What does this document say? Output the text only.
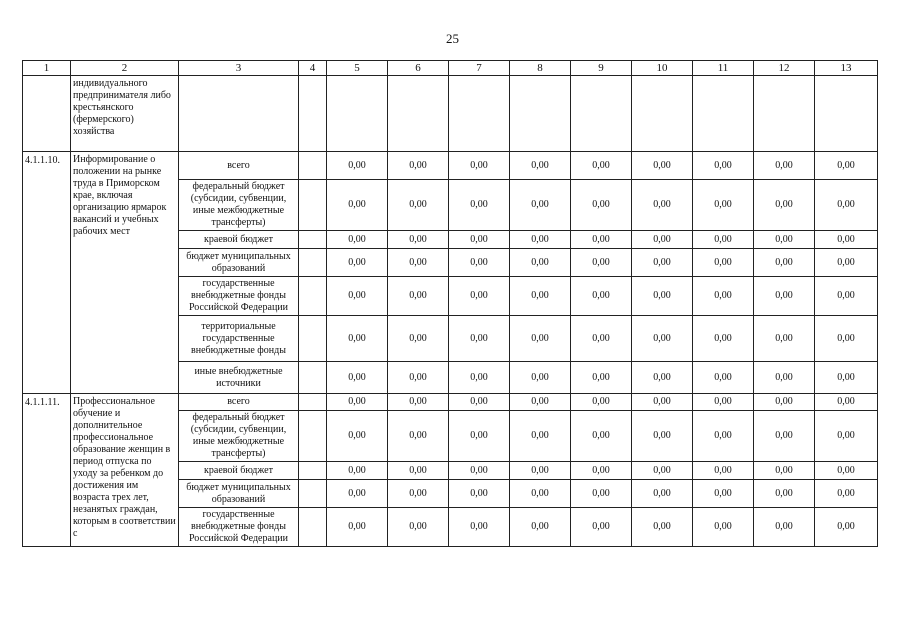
25
1	2	3	4	5	6	7	8	9	10	11	12	13
	индивидуального предпринимателя либо крестьянского (фермерского) хозяйства											
4.1.1.10.	Информирование о положении на рынке труда в Приморском крае, включая организацию ярмарок вакансий и учебных рабочих мест	всего		0,00	0,00	0,00	0,00	0,00	0,00	0,00	0,00	0,00
		федеральный бюджет (субсидии, субвенции, иные межбюджетные трансферты)		0,00	0,00	0,00	0,00	0,00	0,00	0,00	0,00	0,00
		краевой бюджет		0,00	0,00	0,00	0,00	0,00	0,00	0,00	0,00	0,00
		бюджет муниципальных образований		0,00	0,00	0,00	0,00	0,00	0,00	0,00	0,00	0,00
		государственные внебюджетные фонды Российской Федерации		0,00	0,00	0,00	0,00	0,00	0,00	0,00	0,00	0,00
		территориальные государственные внебюджетные фонды		0,00	0,00	0,00	0,00	0,00	0,00	0,00	0,00	0,00
		иные внебюджетные источники		0,00	0,00	0,00	0,00	0,00	0,00	0,00	0,00	0,00
4.1.1.11.	Профессиональное обучение и дополнительное профессиональное образование женщин в период отпуска по уходу за ребенком до достижения им возраста трех лет, незанятых граждан, которым в соответствии с	всего		0,00	0,00	0,00	0,00	0,00	0,00	0,00	0,00	0,00
		федеральный бюджет (субсидии, субвенции, иные межбюджетные трансферты)		0,00	0,00	0,00	0,00	0,00	0,00	0,00	0,00	0,00
		краевой бюджет		0,00	0,00	0,00	0,00	0,00	0,00	0,00	0,00	0,00
		бюджет муниципальных образований		0,00	0,00	0,00	0,00	0,00	0,00	0,00	0,00	0,00
		государственные внебюджетные фонды Российской Федерации		0,00	0,00	0,00	0,00	0,00	0,00	0,00	0,00	0,00
